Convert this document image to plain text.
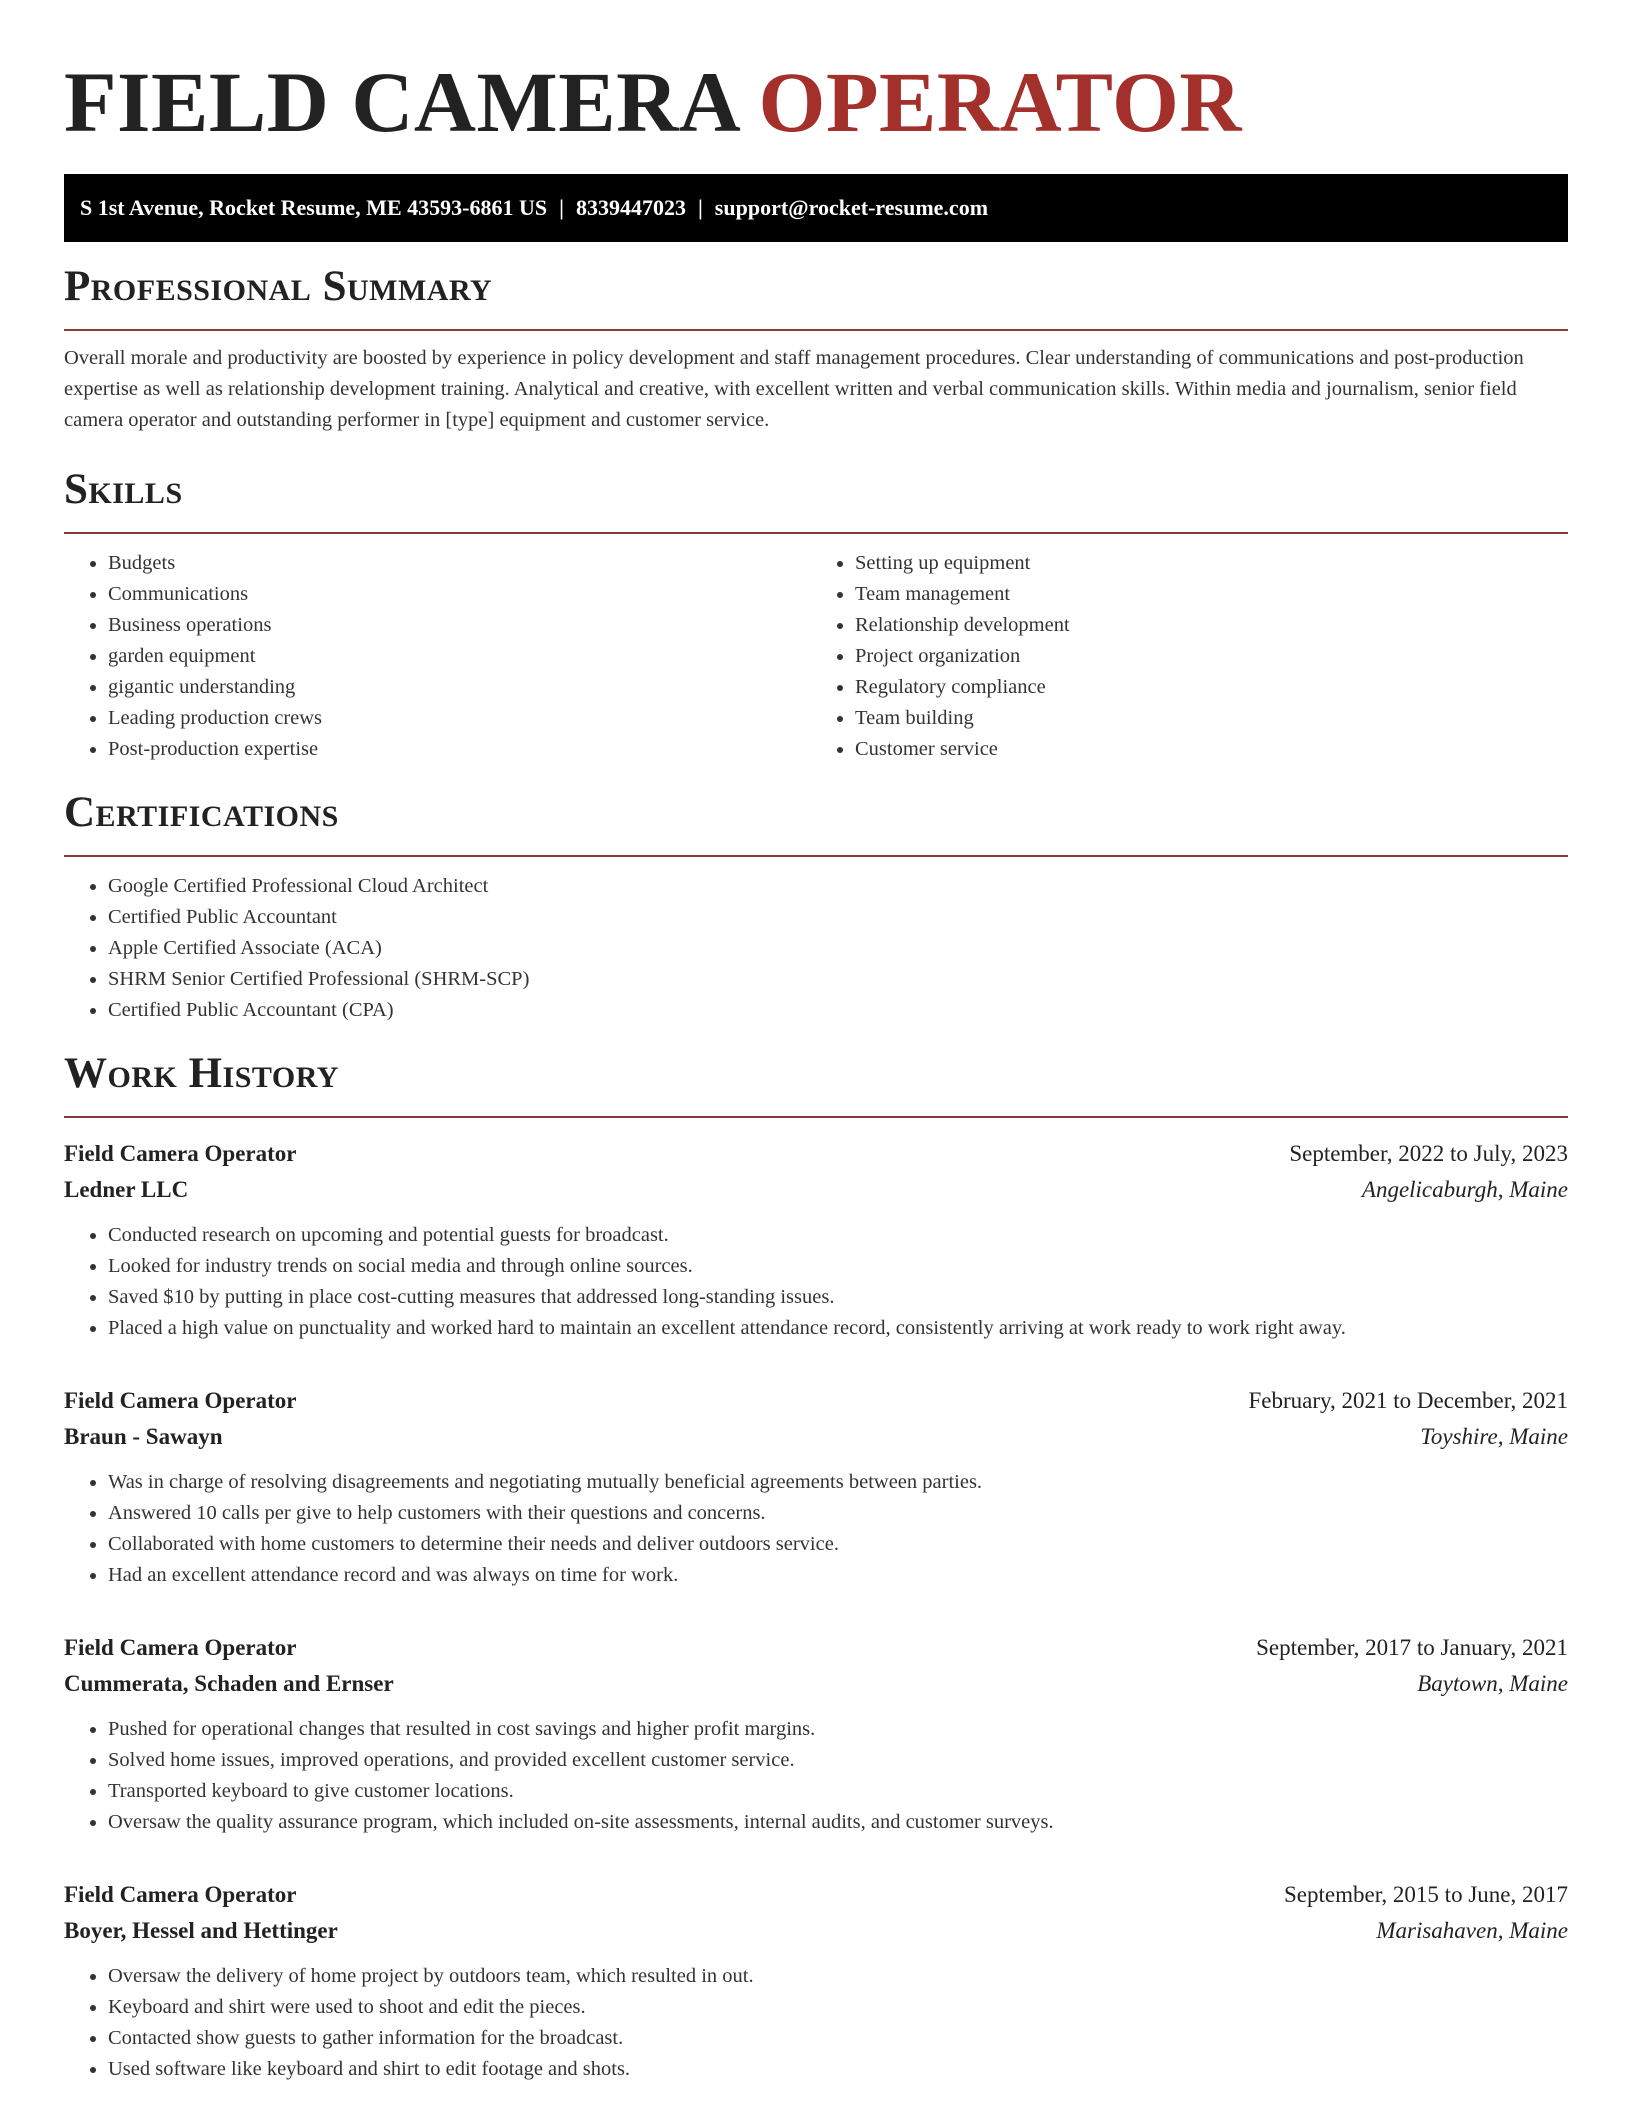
FIELD CAMERA OPERATOR
S 1st Avenue, Rocket Resume, ME 43593-6861 US | 8339447023 | support@rocket-resume.com
Professional Summary

Overall morale and productivity are boosted by experience in policy development and staff management procedures. Clear understanding of communications and post-production expertise as well as relationship development training. Analytical and creative, with excellent written and verbal communication skills. Within media and journalism, senior field camera operator and outstanding performer in [type] equipment and customer service.

Skills
• Budgets
• Communications
• Business operations
• garden equipment
• gigantic understanding
• Leading production crews
• Post-production expertise
• Setting up equipment
• Team management
• Relationship development
• Project organization
• Regulatory compliance
• Team building
• Customer service
Certifications
• Google Certified Professional Cloud Architect
• Certified Public Accountant
• Apple Certified Associate (ACA)
• SHRM Senior Certified Professional (SHRM-SCP)
• Certified Public Accountant (CPA)
Work History
Field Camera Operator	September, 2022 to July, 2023
Ledner LLC	Angelicaburgh, Maine
• Conducted research on upcoming and potential guests for broadcast.
• Looked for industry trends on social media and through online sources.
• Saved $10 by putting in place cost-cutting measures that addressed long-standing issues.
• Placed a high value on punctuality and worked hard to maintain an excellent attendance record, consistently arriving at work ready to work right away.
Field Camera Operator	February, 2021 to December, 2021
Braun - Sawayn	Toyshire, Maine
• Was in charge of resolving disagreements and negotiating mutually beneficial agreements between parties.
• Answered 10 calls per give to help customers with their questions and concerns.
• Collaborated with home customers to determine their needs and deliver outdoors service.
• Had an excellent attendance record and was always on time for work.
Field Camera Operator	September, 2017 to January, 2021
Cummerata, Schaden and Ernser	Baytown, Maine
• Pushed for operational changes that resulted in cost savings and higher profit margins.
• Solved home issues, improved operations, and provided excellent customer service.
• Transported keyboard to give customer locations.
• Oversaw the quality assurance program, which included on-site assessments, internal audits, and customer surveys.
Field Camera Operator	September, 2015 to June, 2017
Boyer, Hessel and Hettinger	Marisahaven, Maine
• Oversaw the delivery of home project by outdoors team, which resulted in out.
• Keyboard and shirt were used to shoot and edit the pieces.
• Contacted show guests to gather information for the broadcast.
• Used software like keyboard and shirt to edit footage and shots.
